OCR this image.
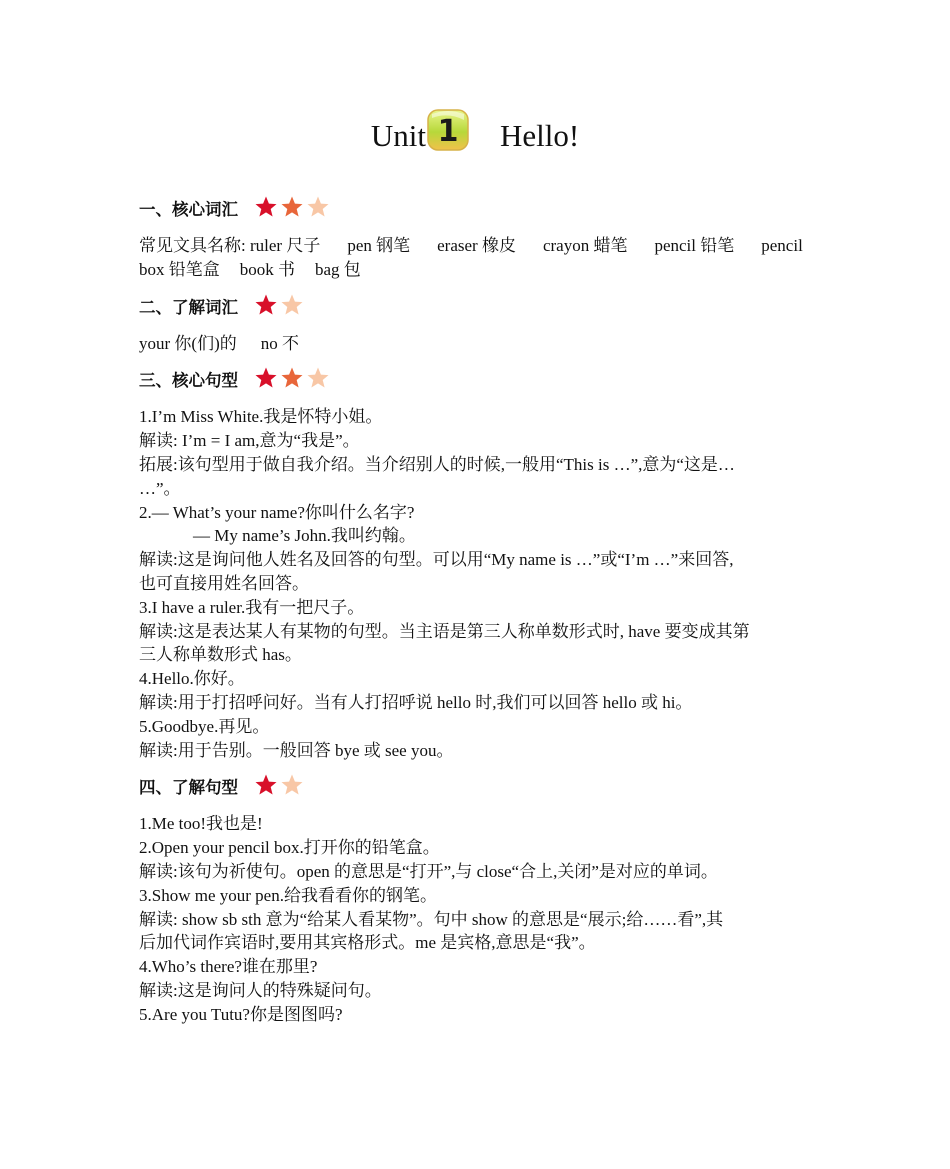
Unit 1 Hello!
一、核心词汇

常见文具名称: ruler 尺子 pen 钢笔 eraser 橡皮 crayon 蜡笔 pencil 铅笔 pencil

box 铅笔盒 book 书 bag 包

二、了解词汇

your 你(们)的 no 不

三、核心句型

1.I’m Miss White.我是怀特小姐。

解读: I’m = I am,意为“我是”。

拓展:该句型用于做自我介绍。当介绍别人的时候,一般用“This is …”,意为“这是…

…”。

2.— What’s your name?你叫什么名字?

— My name’s John.我叫约翰。

解读:这是询问他人姓名及回答的句型。可以用“My name is …”或“I’m …”来回答,

也可直接用姓名回答。

3.I have a ruler.我有一把尺子。

解读:这是表达某人有某物的句型。当主语是第三人称单数形式时, have 要变成其第

三人称单数形式 has。

4.Hello.你好。

解读:用于打招呼问好。当有人打招呼说 hello 时,我们可以回答 hello 或 hi。

5.Goodbye.再见。

解读:用于告别。一般回答 bye 或 see you。

四、了解句型

1.Me too!我也是!

2.Open your pencil box.打开你的铅笔盒。

解读:该句为祈使句。open 的意思是“打开”,与 close“合上,关闭”是对应的单词。

3.Show me your pen.给我看看你的钢笔。

解读: show sb sth 意为“给某人看某物”。句中 show 的意思是“展示;给……看”,其

后加代词作宾语时,要用其宾格形式。me 是宾格,意思是“我”。

4.Who’s there?谁在那里?

解读:这是询问人的特殊疑问句。

5.Are you Tutu?你是图图吗?
